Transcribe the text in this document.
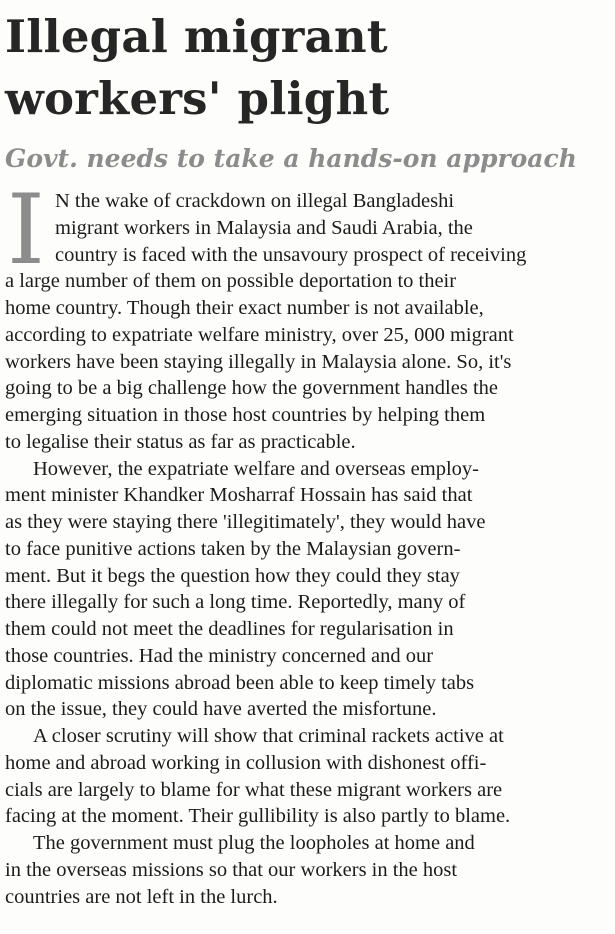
Illegal migrant
workers' plight
Govt. needs to take a hands-on approach
I N the wake of crackdown on illegal Bangladeshi
migrant workers in Malaysia and Saudi Arabia, the
country is faced with the unsavoury prospect of receiving
a large number of them on possible deportation to their
home country. Though their exact number is not available,
according to expatriate welfare ministry, over 25, 000 migrant
workers have been staying illegally in Malaysia alone. So, it's
going to be a big challenge how the government handles the
emerging situation in those host countries by helping them
to legalise their status as far as practicable.
However, the expatriate welfare and overseas employ-
ment minister Khandker Mosharraf Hossain has said that
as they were staying there 'illegitimately', they would have
to face punitive actions taken by the Malaysian govern-
ment. But it begs the question how they could they stay
there illegally for such a long time. Reportedly, many of
them could not meet the deadlines for regularisation in
those countries. Had the ministry concerned and our
diplomatic missions abroad been able to keep timely tabs
on the issue, they could have averted the misfortune.
A closer scrutiny will show that criminal rackets active at
home and abroad working in collusion with dishonest offi-
cials are largely to blame for what these migrant workers are
facing at the moment. Their gullibility is also partly to blame.
The government must plug the loopholes at home and
in the overseas missions so that our workers in the host
countries are not left in the lurch.
